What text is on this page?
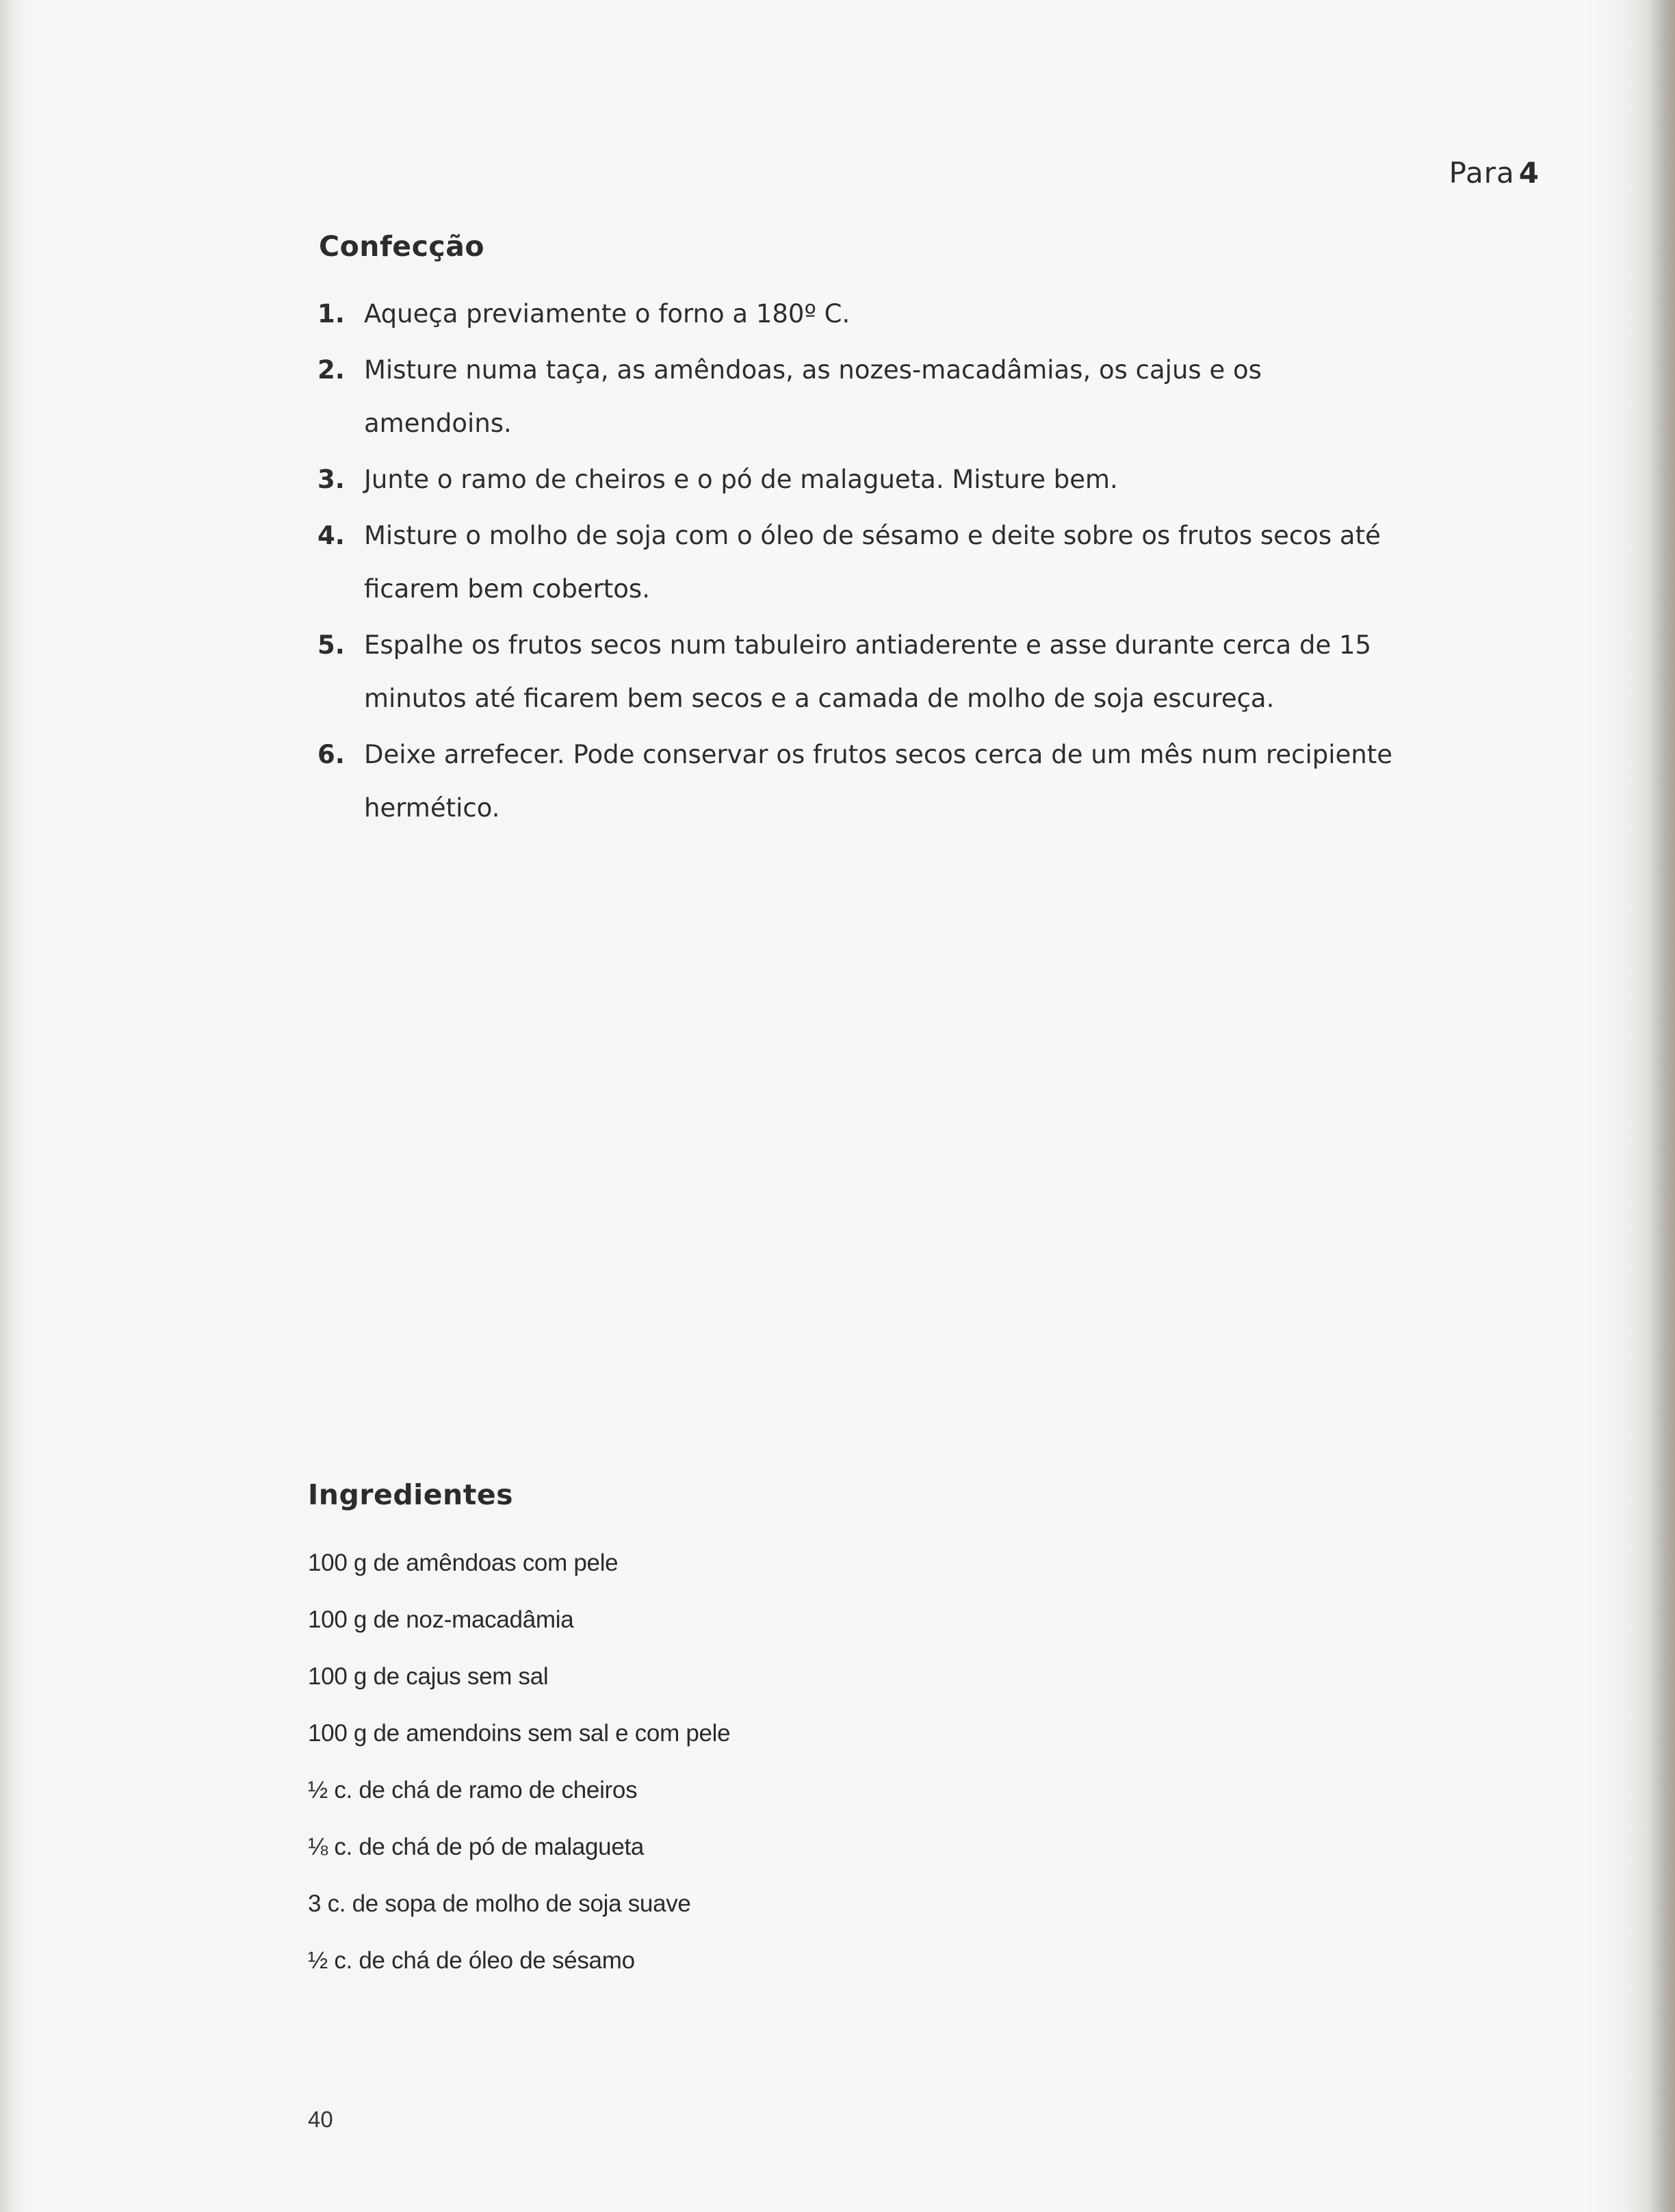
Para 4
Confecção
1. Aqueça previamente o forno a 180º C.
2. Misture numa taça, as amêndoas, as nozes-macadâmias, os cajus e os amendoins.
3. Junte o ramo de cheiros e o pó de malagueta. Misture bem.
4. Misture o molho de soja com o óleo de sésamo e deite sobre os frutos secos até ficarem bem cobertos.
5. Espalhe os frutos secos num tabuleiro antiaderente e asse durante cerca de 15 minutos até ficarem bem secos e a camada de molho de soja escureça.
6. Deixe arrefecer. Pode conservar os frutos secos cerca de um mês num recipiente hermético.
Ingredientes
100 g de amêndoas com pele
100 g de noz-macadâmia
100 g de cajus sem sal
100 g de amendoins sem sal e com pele
½ c. de chá de ramo de cheiros
⅛ c. de chá de pó de malagueta
3 c. de sopa de molho de soja suave
½ c. de chá de óleo de sésamo
40
